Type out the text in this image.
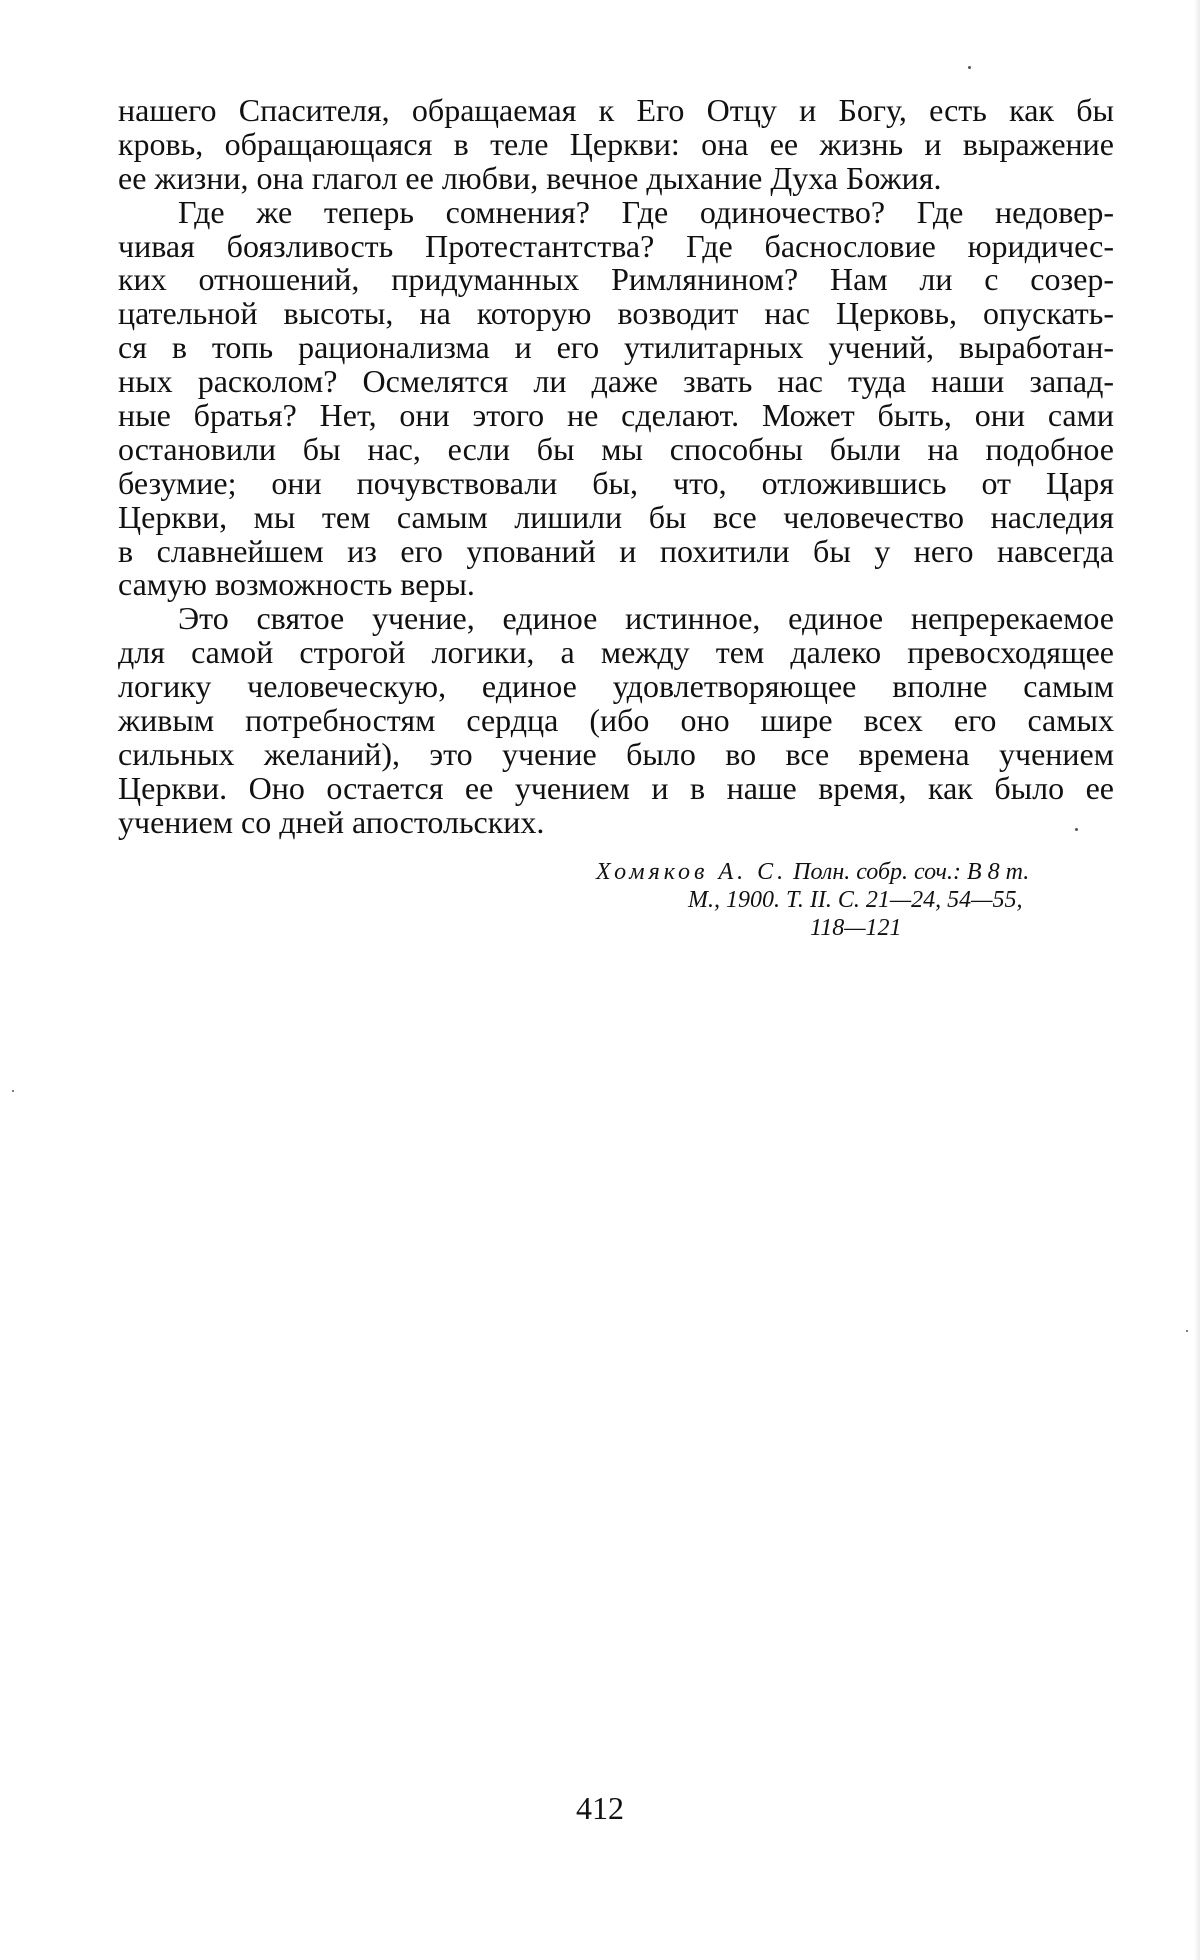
нашего Спасителя, обращаемая к Его Отцу и Богу, есть как бы
кровь, обращающаяся в теле Церкви: она ее жизнь и выражение
ее жизни, она глагол ее любви, вечное дыхание Духа Божия.
Где же теперь сомнения? Где одиночество? Где недовер-
чивая боязливость Протестантства? Где баснословие юридичес-
ких отношений, придуманных Римлянином? Нам ли с созер-
цательной высоты, на которую возводит нас Церковь, опускать-
ся в топь рационализма и его утилитарных учений, выработан-
ных расколом? Осмелятся ли даже звать нас туда наши запад-
ные братья? Нет, они этого не сделают. Может быть, они сами
остановили бы нас, если бы мы способны были на подобное
безумие; они почувствовали бы, что, отложившись от Царя
Церкви, мы тем самым лишили бы все человечество наследия
в славнейшем из его упований и похитили бы у него навсегда
самую возможность веры.
Это святое учение, единое истинное, единое непререкаемое
для самой строгой логики, а между тем далеко превосходящее
логику человеческую, единое удовлетворяющее вполне самым
живым потребностям сердца (ибо оно шире всех его самых
сильных желаний), это учение было во все времена учением
Церкви. Оно остается ее учением и в наше время, как было ее
учением со дней апостольских.
Хомяков А. С. Полн. собр. соч.: В 8 т.
М., 1900. Т. II. С. 21—24, 54—55,
118—121
412
